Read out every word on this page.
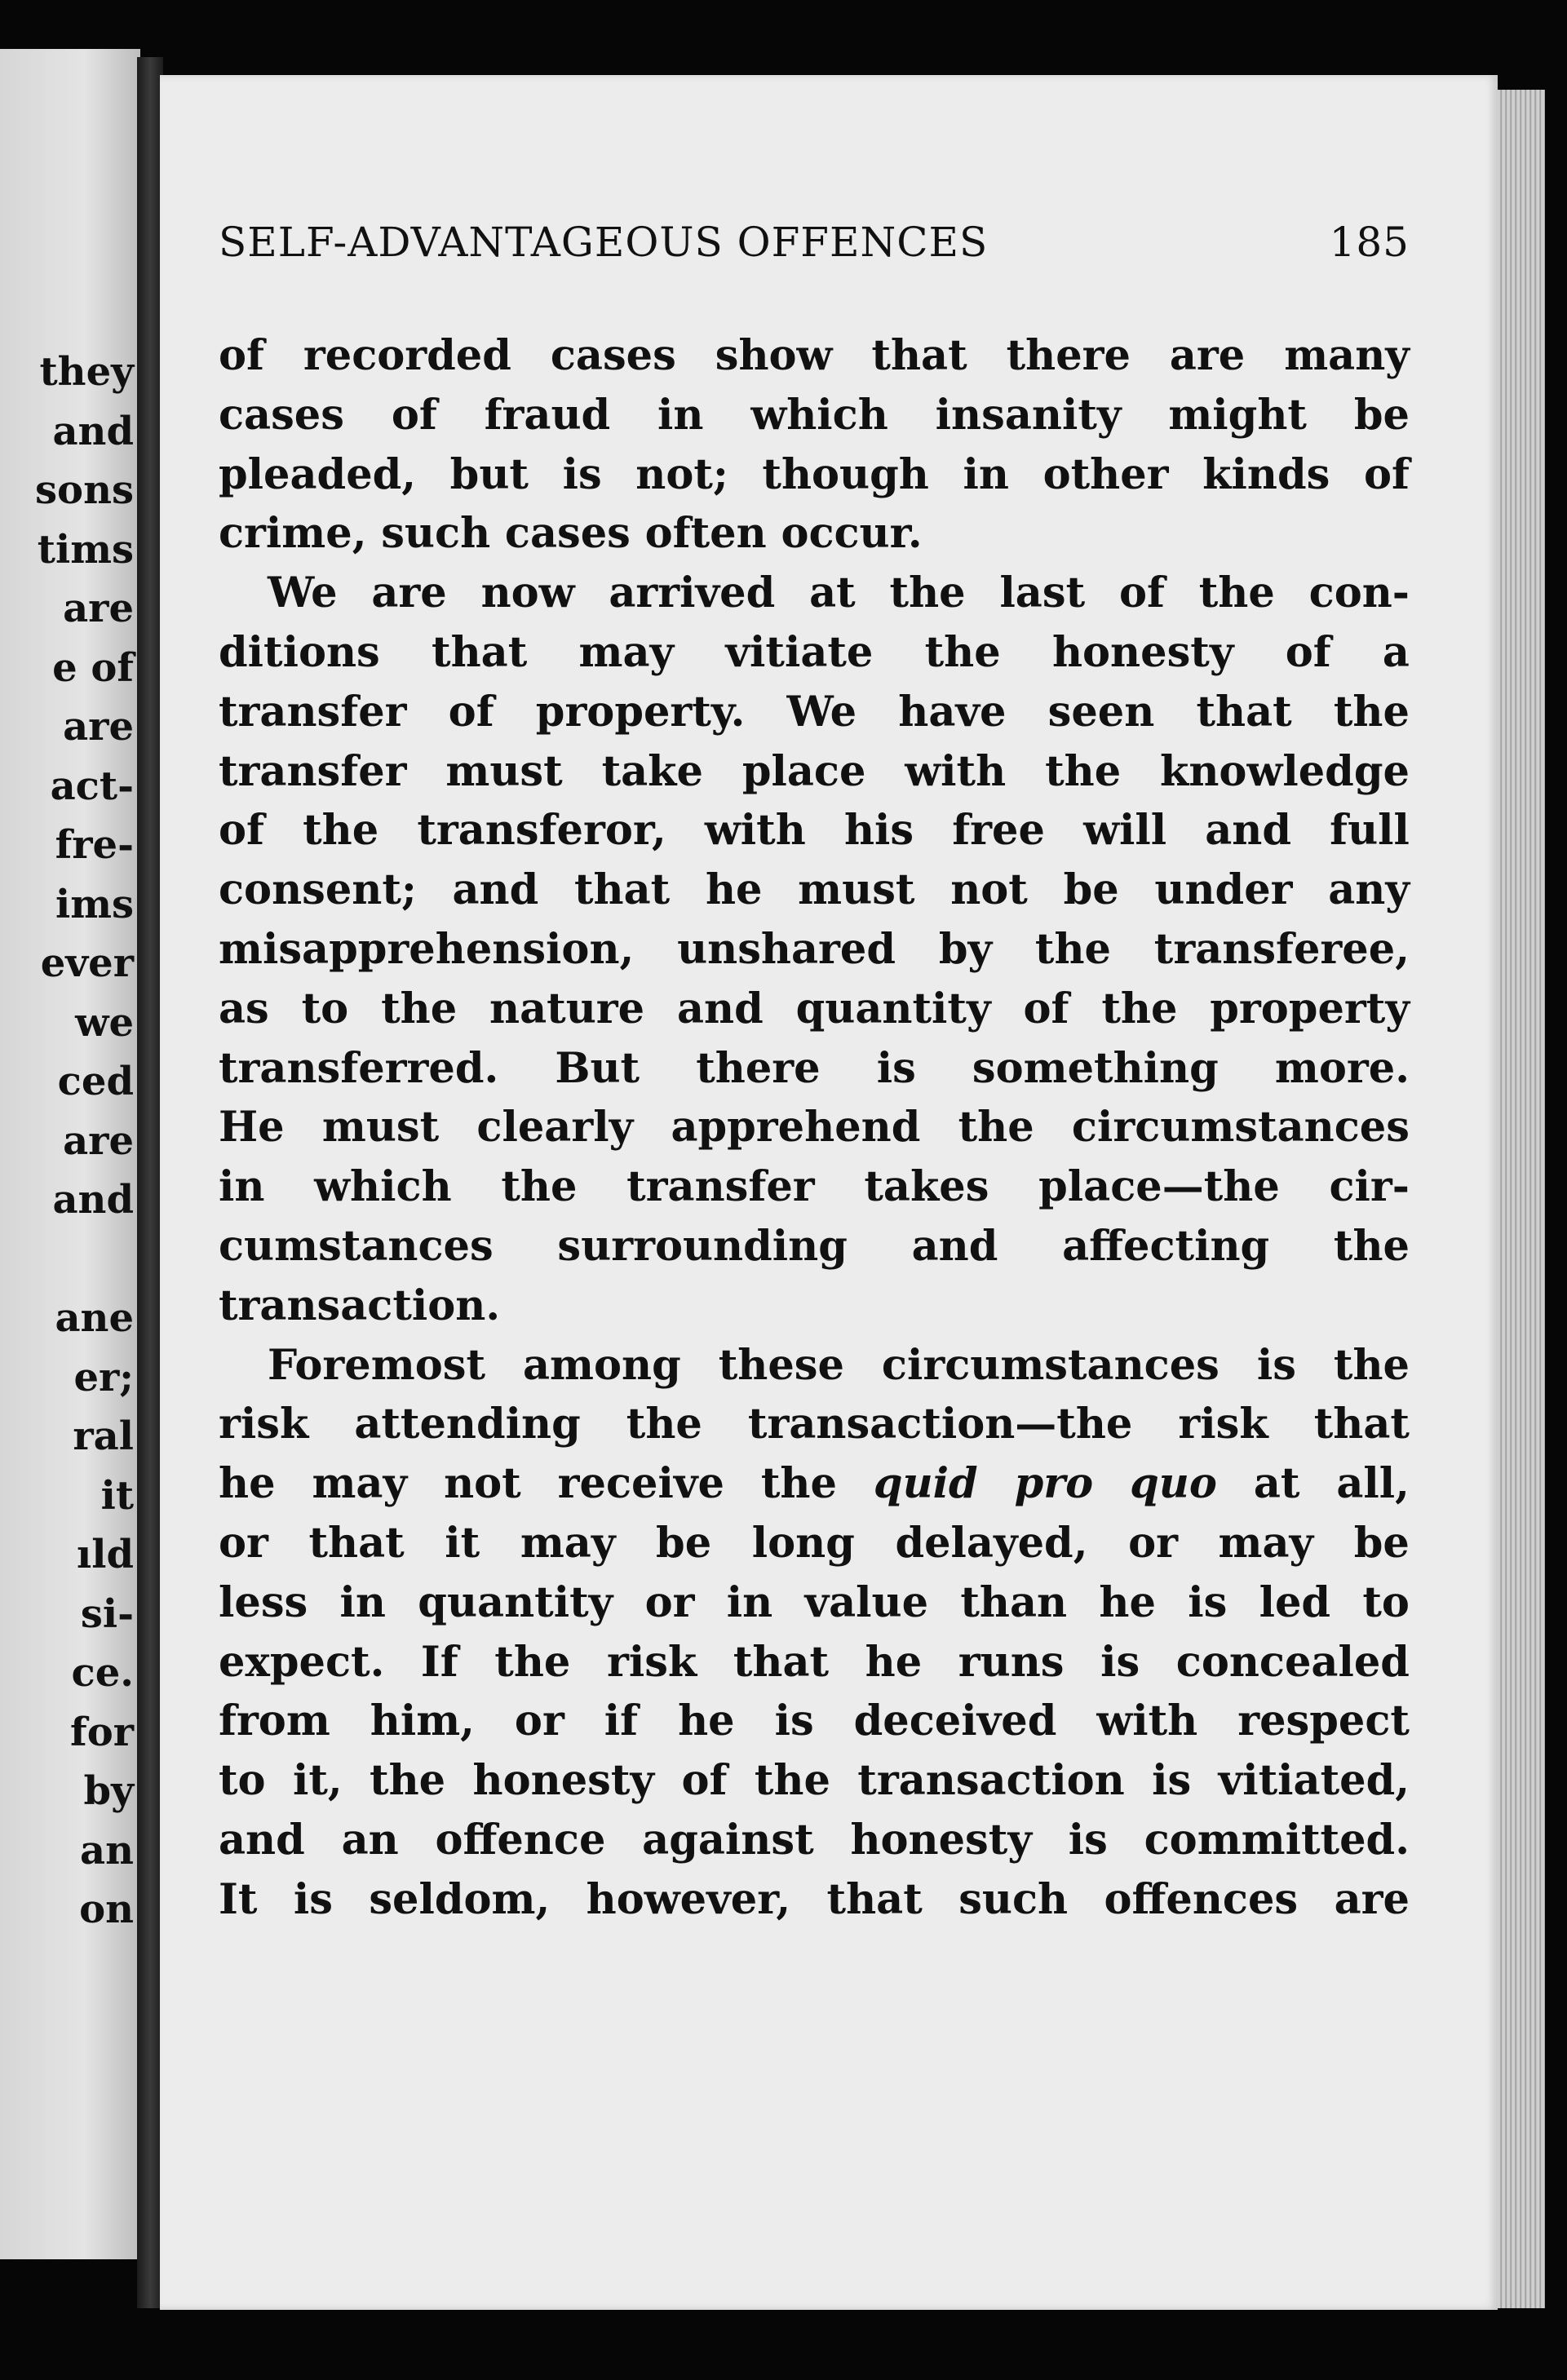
they
and
sons
tims
are
e of
are
act-
fre-
ims
ever
we
ced
are
and
ane
er;
ral
it
ıld
si-
ce.
for
by
an
on
SELF-ADVANTAGEOUS OFFENCES	185
of recorded cases show that there are many
cases of fraud in which insanity might be
pleaded, but is not; though in other kinds of
crime, such cases often occur.
We are now arrived at the last of the con-
ditions that may vitiate the honesty of a
transfer of property. We have seen that the
transfer must take place with the knowledge
of the transferor, with his free will and full
consent; and that he must not be under any
misapprehension, unshared by the transferee,
as to the nature and quantity of the property
transferred. But there is something more.
He must clearly apprehend the circumstances
in which the transfer takes place—the cir-
cumstances surrounding and affecting the
transaction.
Foremost among these circumstances is the
risk attending the transaction—the risk that
he may not receive the quid pro quo at all,
or that it may be long delayed, or may be
less in quantity or in value than he is led to
expect. If the risk that he runs is concealed
from him, or if he is deceived with respect
to it, the honesty of the transaction is vitiated,
and an offence against honesty is committed.
It is seldom, however, that such offences are
